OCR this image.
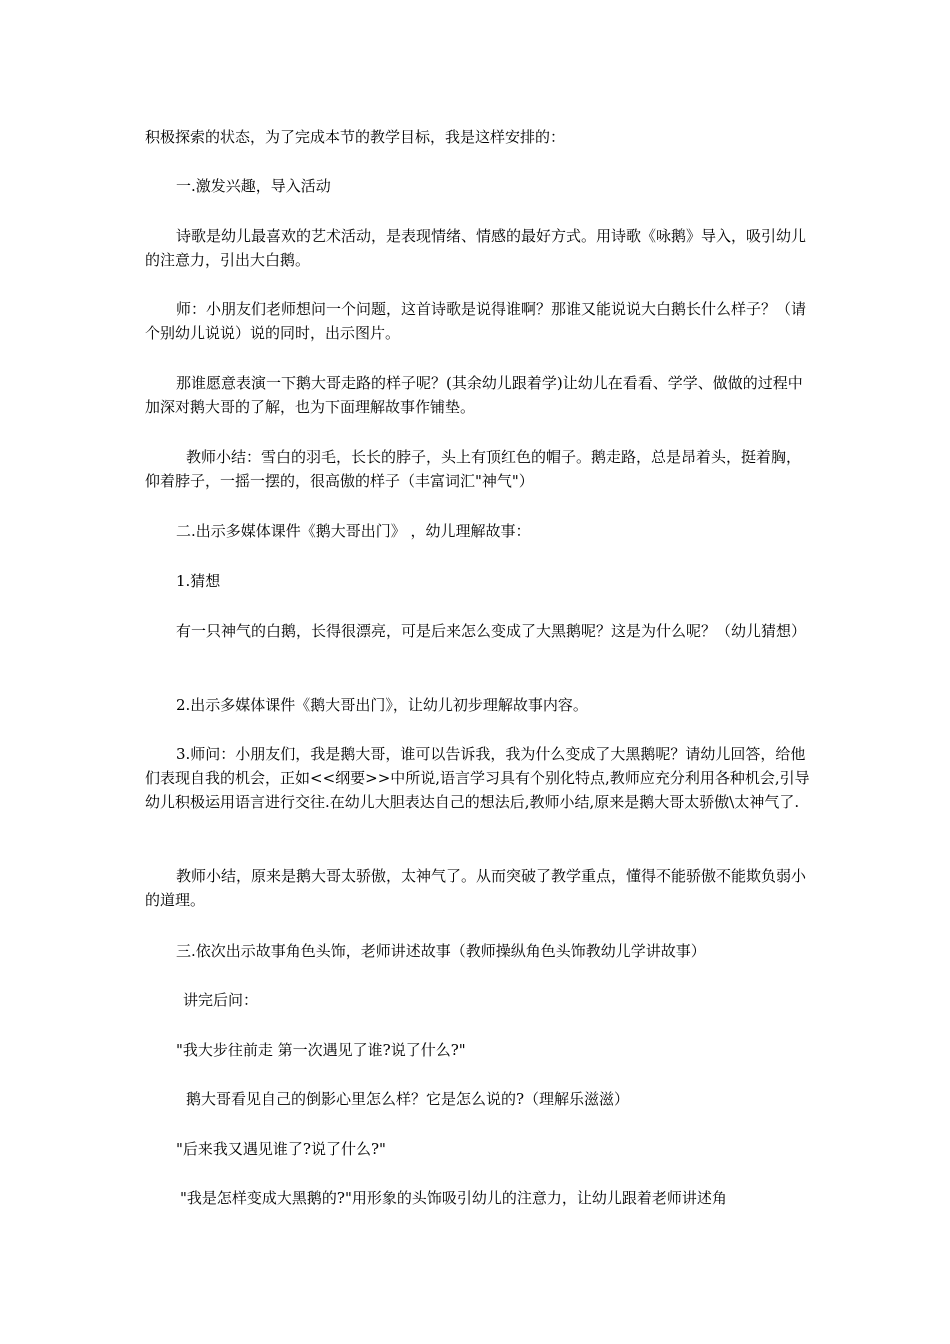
积极探索的状态，为了完成本节的教学目标，我是这样安排的：

一.激发兴趣，导入活动

诗歌是幼儿最喜欢的艺术活动，是表现情绪、情感的最好方式。用诗歌《咏鹅》导入，吸引幼儿的注意力，引出大白鹅。

师：小朋友们老师想问一个问题，这首诗歌是说得谁啊？那谁又能说说大白鹅长什么样子？（请个别幼儿说说）说的同时，出示图片。

那谁愿意表演一下鹅大哥走路的样子呢？(其余幼儿跟着学)让幼儿在看看、学学、做做的过程中加深对鹅大哥的了解，也为下面理解故事作铺垫。

教师小结：雪白的羽毛，长长的脖子，头上有顶红色的帽子。鹅走路，总是昂着头，挺着胸，仰着脖子，一摇一摆的，很高傲的样子（丰富词汇"神气"）

二.出示多媒体课件《鹅大哥出门》 ，幼儿理解故事：

1.猜想

有一只神气的白鹅，长得很漂亮，可是后来怎么变成了大黑鹅呢？这是为什么呢？（幼儿猜想）

2.出示多媒体课件《鹅大哥出门》，让幼儿初步理解故事内容。

3.师问：小朋友们，我是鹅大哥，谁可以告诉我，我为什么变成了大黑鹅呢？请幼儿回答，给他们表现自我的机会，正如<<纲要>>中所说,语言学习具有个别化特点,教师应充分利用各种机会,引导幼儿积极运用语言进行交往.在幼儿大胆表达自己的想法后,教师小结,原来是鹅大哥太骄傲\太神气了.

教师小结，原来是鹅大哥太骄傲，太神气了。从而突破了教学重点，懂得不能骄傲不能欺负弱小的道理。

三.依次出示故事角色头饰，老师讲述故事（教师操纵角色头饰教幼儿学讲故事）

讲完后问：

"我大步往前走 第一次遇见了谁?说了什么?"

鹅大哥看见自己的倒影心里怎么样？它是怎么说的?（理解乐滋滋）

"后来我又遇见谁了?说了什么?"

"我是怎样变成大黑鹅的?"用形象的头饰吸引幼儿的注意力，让幼儿跟着老师讲述角
